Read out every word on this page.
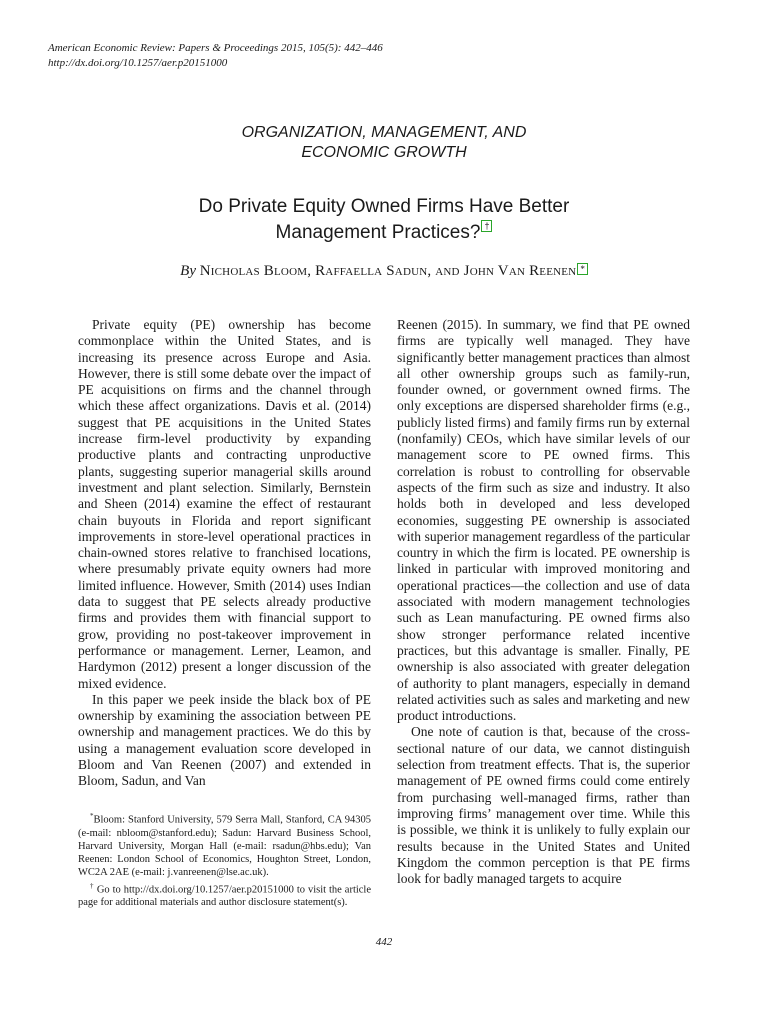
American Economic Review: Papers & Proceedings 2015, 105(5): 442–446
http://dx.doi.org/10.1257/aer.p20151000
ORGANIZATION, MANAGEMENT, AND
ECONOMIC GROWTH
Do Private Equity Owned Firms Have Better
Management Practices? †
By Nicholas Bloom, Raffaella Sadun, and John Van Reenen *

Private equity (PE) ownership has become commonplace within the United States, and is increasing its presence across Europe and Asia. However, there is still some debate over the impact of PE acquisitions on firms and the channel through which these affect organizations. Davis et al. (2014) suggest that PE acquisitions in the United States increase firm-level productivity by expanding productive plants and contracting unproductive plants, suggesting superior managerial skills around investment and plant selection. Similarly, Bernstein and Sheen (2014) examine the effect of restaurant chain buyouts in Florida and report significant improvements in store-level operational practices in chain-owned stores relative to franchised locations, where presumably private equity owners had more limited influence. However, Smith (2014) uses Indian data to suggest that PE selects already productive firms and provides them with financial support to grow, providing no post-takeover improvement in performance or management. Lerner, Leamon, and Hardymon (2012) present a longer discussion of the mixed evidence.

In this paper we peek inside the black box of PE ownership by examining the association between PE ownership and management practices. We do this by using a management evaluation score developed in Bloom and Van Reenen (2007) and extended in Bloom, Sadun, and Van

Reenen (2015). In summary, we find that PE owned firms are typically well managed. They have significantly better management practices than almost all other ownership groups such as family-run, founder owned, or government owned firms. The only exceptions are dispersed shareholder firms (e.g., publicly listed firms) and family firms run by external (nonfamily) CEOs, which have similar levels of our management score to PE owned firms. This correlation is robust to controlling for observable aspects of the firm such as size and industry. It also holds both in developed and less developed economies, suggesting PE ownership is associated with superior management regardless of the particular country in which the firm is located. PE ownership is linked in particular with improved monitoring and operational practices—the collection and use of data associated with modern management technologies such as Lean manufacturing. PE owned firms also show stronger performance related incentive practices, but this advantage is smaller. Finally, PE ownership is also associated with greater delegation of authority to plant managers, especially in demand related activities such as sales and marketing and new product introductions.

One note of caution is that, because of the cross-sectional nature of our data, we cannot distinguish selection from treatment effects. That is, the superior management of PE owned firms could come entirely from purchasing well-managed firms, rather than improving firms’ management over time. While this is possible, we think it is unlikely to fully explain our results because in the United States and United Kingdom the common perception is that PE firms look for badly managed targets to acquire

*Bloom: Stanford University, 579 Serra Mall, Stanford, CA 94305 (e-mail: nbloom@stanford.edu); Sadun: Harvard Business School, Harvard University, Morgan Hall (e-mail: rsadun@hbs.edu); Van Reenen: London School of Economics, Houghton Street, London, WC2A 2AE (e-mail: j.vanreenen@lse.ac.uk).

† Go to http://dx.doi.org/10.1257/aer.p20151000 to visit the article page for additional materials and author disclosure statement(s).

442
